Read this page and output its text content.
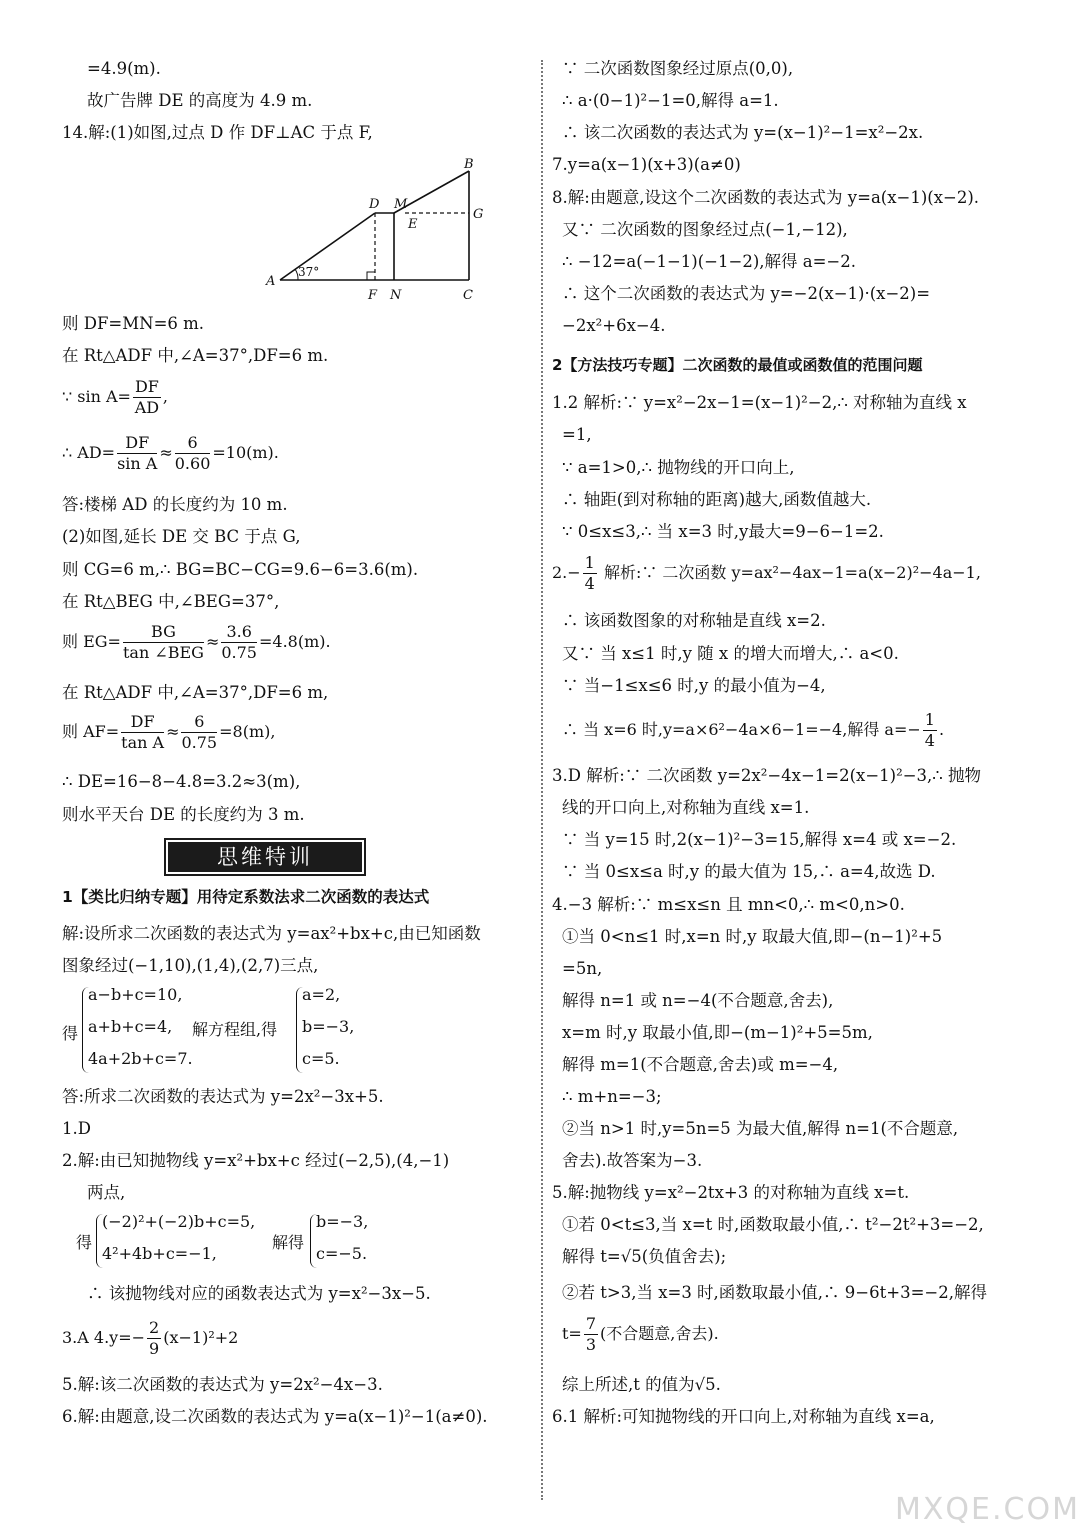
=4.9(m).
故广告牌 DE 的高度为 4.9 m.
14.解:(1)如图,过点 D 作 DF⊥AC 于点 F,
A
B
C
D M
E
G
F N
37°
则 DF=MN=6 m.
在 Rt△ADF 中,∠A=37°,DF=6 m.
∵ $\sin A= \frac{DF}{AD}$ ,
∴ $AD= \frac{DF}{\text{sin A}} \approx \frac{6}{0.60} =10(m)$.
答:楼梯 AD 的长度约为 10 m.
(2)如图,延长 DE 交 BC 于点 G,
则 CG=6 m,∴ BG=BC−CG=9.6−6=3.6(m).
在 Rt△BEG 中,∠BEG=37°,
则 EG=
BG
tan ∠BEG
≈ $\frac{3.6}{0.75} =4.8(m)$.
在 Rt△ADF 中,∠A=37°,DF=6 m,
则 $AF= \frac{DF}{\text{tan A}} \approx \frac{6}{0.75} =8(m)$,
∴ DE=16−8−4.8=3.2≈3(m),
则水平天台 DE 的长度约为 3 m.
思维特训
1【类比归纳专题】用待定系数法求二次函数的表达式
解:设所求二次函数的表达式为 y=ax²+bx+c,由已知函数
图象经过(−1,10),(1,4),(2,7)三点,
得
a−b+c=10,
a+b+c=4,
4a+2b+c=7.
解方程组,得
a=2,
b=−3,
c=5.
答:所求二次函数的表达式为 y=2x²−3x+5.
1.D
2.解:由已知抛物线 y=x²+bx+c 经过(−2,5),(4,−1)
两点,
得
(−2)²+(−2)b+c=5,
4²+4b+c=−1,
解得
b=−3,
c=−5.
∴ 该抛物线对应的函数表达式为 y=x²−3x−5.
3.A $4.y=- \frac{2}{9} (x-1)^2+2$
5.解:该二次函数的表达式为 y=2x²−4x−3.
6.解:由题意,设二次函数的表达式为 y=a(x−1)²−1(a≠0).
∵ 二次函数图象经过原点(0,0),
∴ a·(0−1)²−1=0,解得 a=1.
∴ 该二次函数的表达式为 y=(x−1)²−1=x²−2x.
7.y=a(x−1)(x+3)(a≠0)
8.解:由题意,设这个二次函数的表达式为 y=a(x−1)(x−2).
又∵ 二次函数的图象经过点(−1,−12),
∴ −12=a(−1−1)(−1−2),解得 a=−2.
∴ 这个二次函数的表达式为 y=−2(x−1)·(x−2)=
−2x²+6x−4.
2【方法技巧专题】二次函数的最值或函数值的范围问题
1.2 解析:∵ y=x²−2x−1=(x−1)²−2,∴ 对称轴为直线 x
=1,
∵ a=1>0,∴ 抛物线的开口向上,
∴ 轴距(到对称轴的距离)越大,函数值越大.
∵ 0≤x≤3,∴ 当 x=3 时,y最大=9−6−1=2.
$2.- \frac{1}{4}$ 解析:∵ 二次函数 y=ax²−4ax−1=a(x−2)²−4a−1,
∴ 该函数图象的对称轴是直线 x=2.
又∵ 当 x≤1 时,y 随 x 的增大而增大,∴ a<0.
∵ 当−1≤x≤6 时,y 的最小值为−4,
∴ 当 x=6 时,y=a×6²−4a×6−1=−4,解得 $a=- \frac{1}{4}$ .
3.D 解析:∵ 二次函数 y=2x²−4x−1=2(x−1)²−3,∴ 抛物
线的开口向上,对称轴为直线 x=1.
∵ 当 y=15 时,2(x−1)²−3=15,解得 x=4 或 x=−2.
∵ 当 0≤x≤a 时,y 的最大值为 15,∴ a=4,故选 D.
4.−3 解析:∵ m≤x≤n 且 mn<0,∴ m<0,n>0.
①当 0<n≤1 时,x=n 时,y 取最大值,即−(n−1)²+5
=5n,
解得 n=1 或 n=−4(不合题意,舍去),
x=m 时,y 取最小值,即−(m−1)²+5=5m,
解得 m=1(不合题意,舍去)或 m=−4,
∴ m+n=−3;
②当 n>1 时,y=5n=5 为最大值,解得 n=1(不合题意,
舍去).故答案为−3.
5.解:抛物线 y=x²−2tx+3 的对称轴为直线 x=t.
①若 0<t≤3,当 x=t 时,函数取最小值,∴ t²−2t²+3=−2,
解得 t=√5(负值舍去);
②若 t>3,当 x=3 时,函数取最小值,∴ 9−6t+3=−2,解得
$t= \frac{7}{3}$ (不合题意,舍去).
综上所述,t 的值为√5.
6.1 解析:可知抛物线的开口向上,对称轴为直线 x=a,
MXQE.COM
